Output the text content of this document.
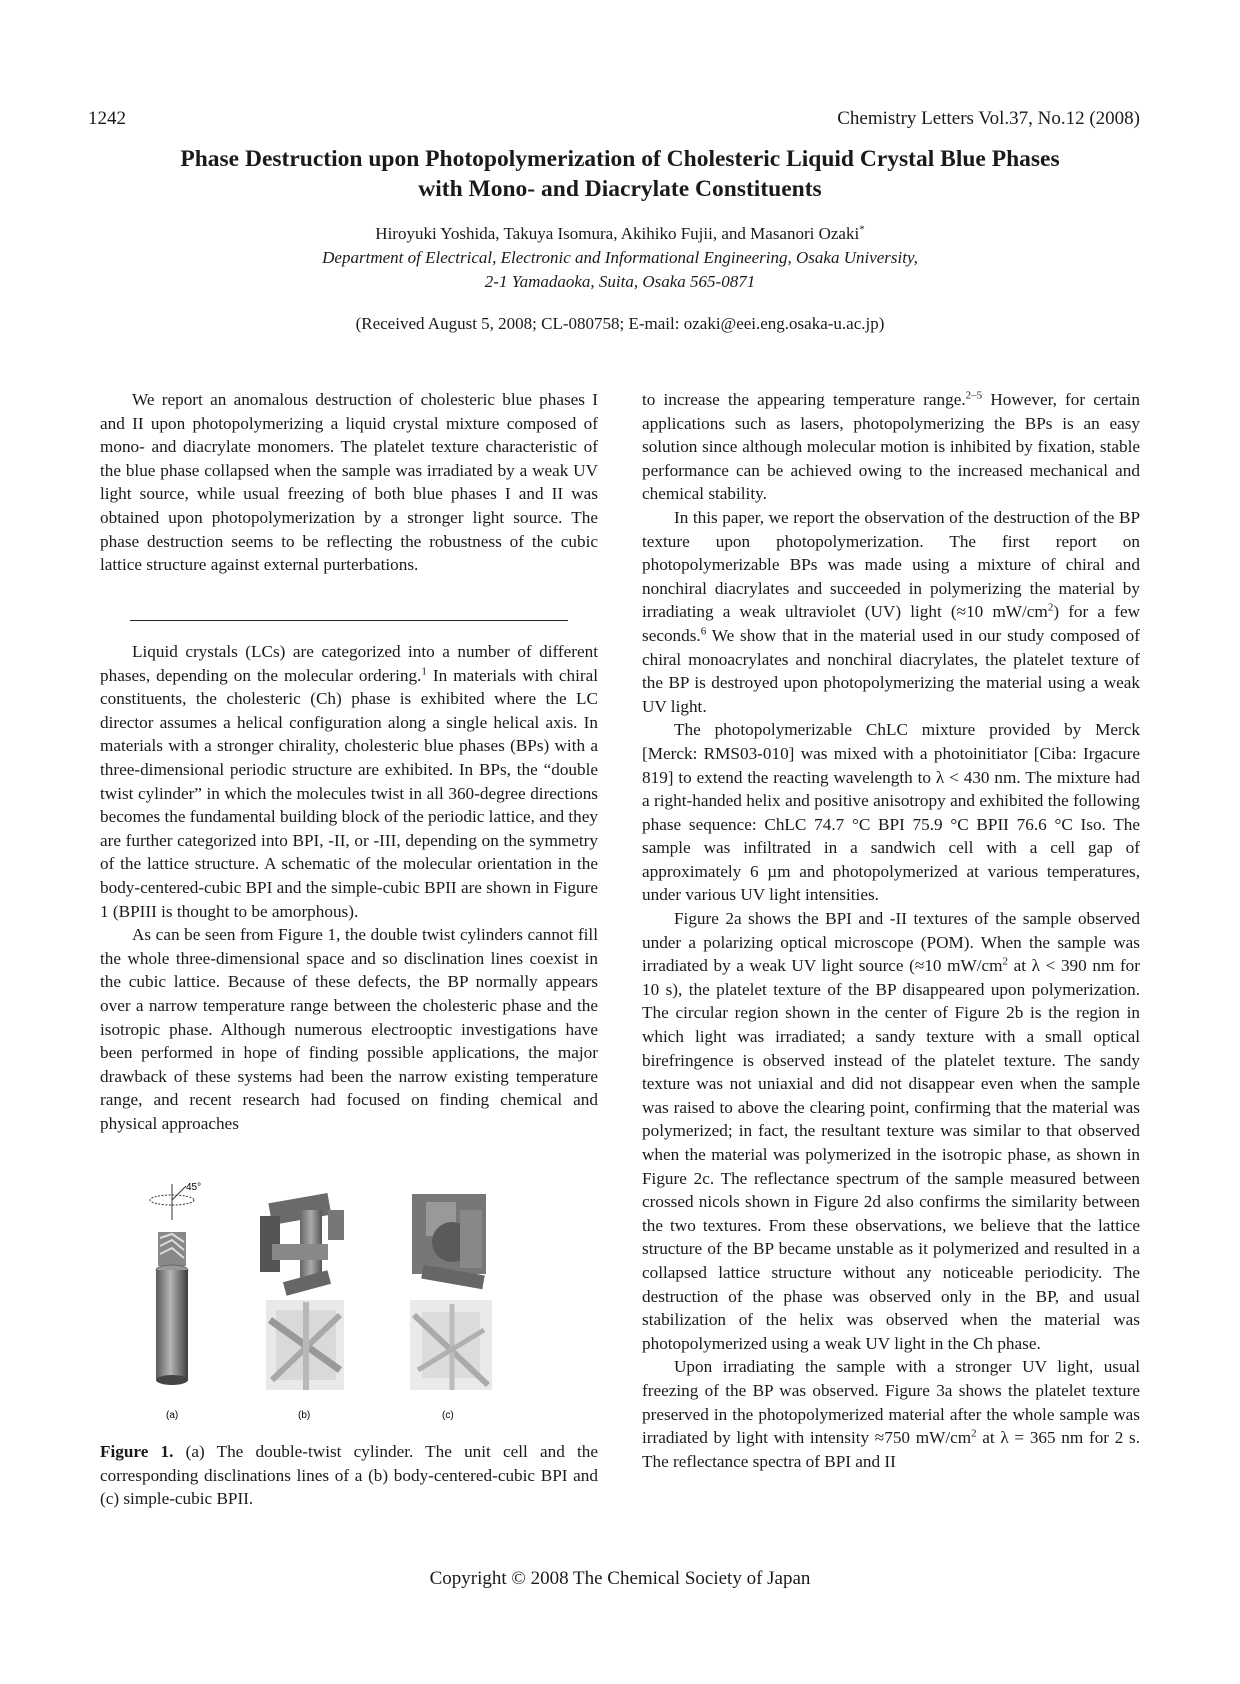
1242	Chemistry Letters Vol.37, No.12 (2008)
Phase Destruction upon Photopolymerization of Cholesteric Liquid Crystal Blue Phases
with Mono- and Diacrylate Constituents
Hiroyuki Yoshida, Takuya Isomura, Akihiko Fujii, and Masanori Ozaki*
Department of Electrical, Electronic and Informational Engineering, Osaka University,
2-1 Yamadaoka, Suita, Osaka 565-0871
(Received August 5, 2008; CL-080758; E-mail: ozaki@eei.eng.osaka-u.ac.jp)

We report an anomalous destruction of cholesteric blue phases I and II upon photopolymerizing a liquid crystal mixture composed of mono- and diacrylate monomers. The platelet texture characteristic of the blue phase collapsed when the sample was irradiated by a weak UV light source, while usual freezing of both blue phases I and II was obtained upon photopolymerization by a stronger light source. The phase destruction seems to be reflecting the robustness of the cubic lattice structure against external purterbations.

Liquid crystals (LCs) are categorized into a number of different phases, depending on the molecular ordering.$^1$ In materials with chiral constituents, the cholesteric (Ch) phase is exhibited where the LC director assumes a helical configuration along a single helical axis. In materials with a stronger chirality, cholesteric blue phases (BPs) with a three-dimensional periodic structure are exhibited. In BPs, the “double twist cylinder” in which the molecules twist in all 360-degree directions becomes the fundamental building block of the periodic lattice, and they are further categorized into BPI, -II, or -III, depending on the symmetry of the lattice structure. A schematic of the molecular orientation in the body-centered-cubic BPI and the simple-cubic BPII are shown in Figure 1 (BPIII is thought to be amorphous).

As can be seen from Figure 1, the double twist cylinders cannot fill the whole three-dimensional space and so disclination lines coexist in the cubic lattice. Because of these defects, the BP normally appears over a narrow temperature range between the cholesteric phase and the isotropic phase. Although numerous electrooptic investigations have been performed in hope of finding possible applications, the major drawback of these systems had been the narrow existing temperature range, and recent research had focused on finding chemical and physical approaches

45°
(a)	(b)	(c)
Figure 1. (a) The double-twist cylinder. The unit cell and the corresponding disclinations lines of a (b) body-centered-cubic BPI and (c) simple-cubic BPII.

to increase the appearing temperature range.$^{2-5}$ However, for certain applications such as lasers, photopolymerizing the BPs is an easy solution since although molecular motion is inhibited by fixation, stable performance can be achieved owing to the increased mechanical and chemical stability.

In this paper, we report the observation of the destruction of the BP texture upon photopolymerization. The first report on photopolymerizable BPs was made using a mixture of chiral and nonchiral diacrylates and succeeded in polymerizing the material by irradiating a weak ultraviolet (UV) light (≈10 $mW/cm^2$) for a few seconds.$^6$ We show that in the material used in our study composed of chiral monoacrylates and nonchiral diacrylates, the platelet texture of the BP is destroyed upon photopolymerizing the material using a weak UV light.

The photopolymerizable ChLC mixture provided by Merck [Merck: RMS03-010] was mixed with a photoinitiator [Ciba: Irgacure 819] to extend the reacting wavelength to λ < 430 nm. The mixture had a right-handed helix and positive anisotropy and exhibited the following phase sequence: ChLC 74.7 °C BPI 75.9 °C BPII 76.6 °C Iso. The sample was infiltrated in a sandwich cell with a cell gap of approximately 6 µm and photopolymerized at various temperatures, under various UV light intensities.

Figure 2a shows the BPI and -II textures of the sample observed under a polarizing optical microscope (POM). When the sample was irradiated by a weak UV light source (≈10 $mW/cm^2$ at λ < 390 nm for 10 s), the platelet texture of the BP disappeared upon polymerization. The circular region shown in the center of Figure 2b is the region in which light was irradiated; a sandy texture with a small optical birefringence is observed instead of the platelet texture. The sandy texture was not uniaxial and did not disappear even when the sample was raised to above the clearing point, confirming that the material was polymerized; in fact, the resultant texture was similar to that observed when the material was polymerized in the isotropic phase, as shown in Figure 2c. The reflectance spectrum of the sample measured between crossed nicols shown in Figure 2d also confirms the similarity between the two textures. From these observations, we believe that the lattice structure of the BP became unstable as it polymerized and resulted in a collapsed lattice structure without any noticeable periodicity. The destruction of the phase was observed only in the BP, and usual stabilization of the helix was observed when the material was photopolymerized using a weak UV light in the Ch phase.

Upon irradiating the sample with a stronger UV light, usual freezing of the BP was observed. Figure 3a shows the platelet texture preserved in the photopolymerized material after the whole sample was irradiated by light with intensity ≈750 $mW/cm^2$ at λ = 365 nm for 2 s. The reflectance spectra of BPI and II

Copyright © 2008 The Chemical Society of Japan
